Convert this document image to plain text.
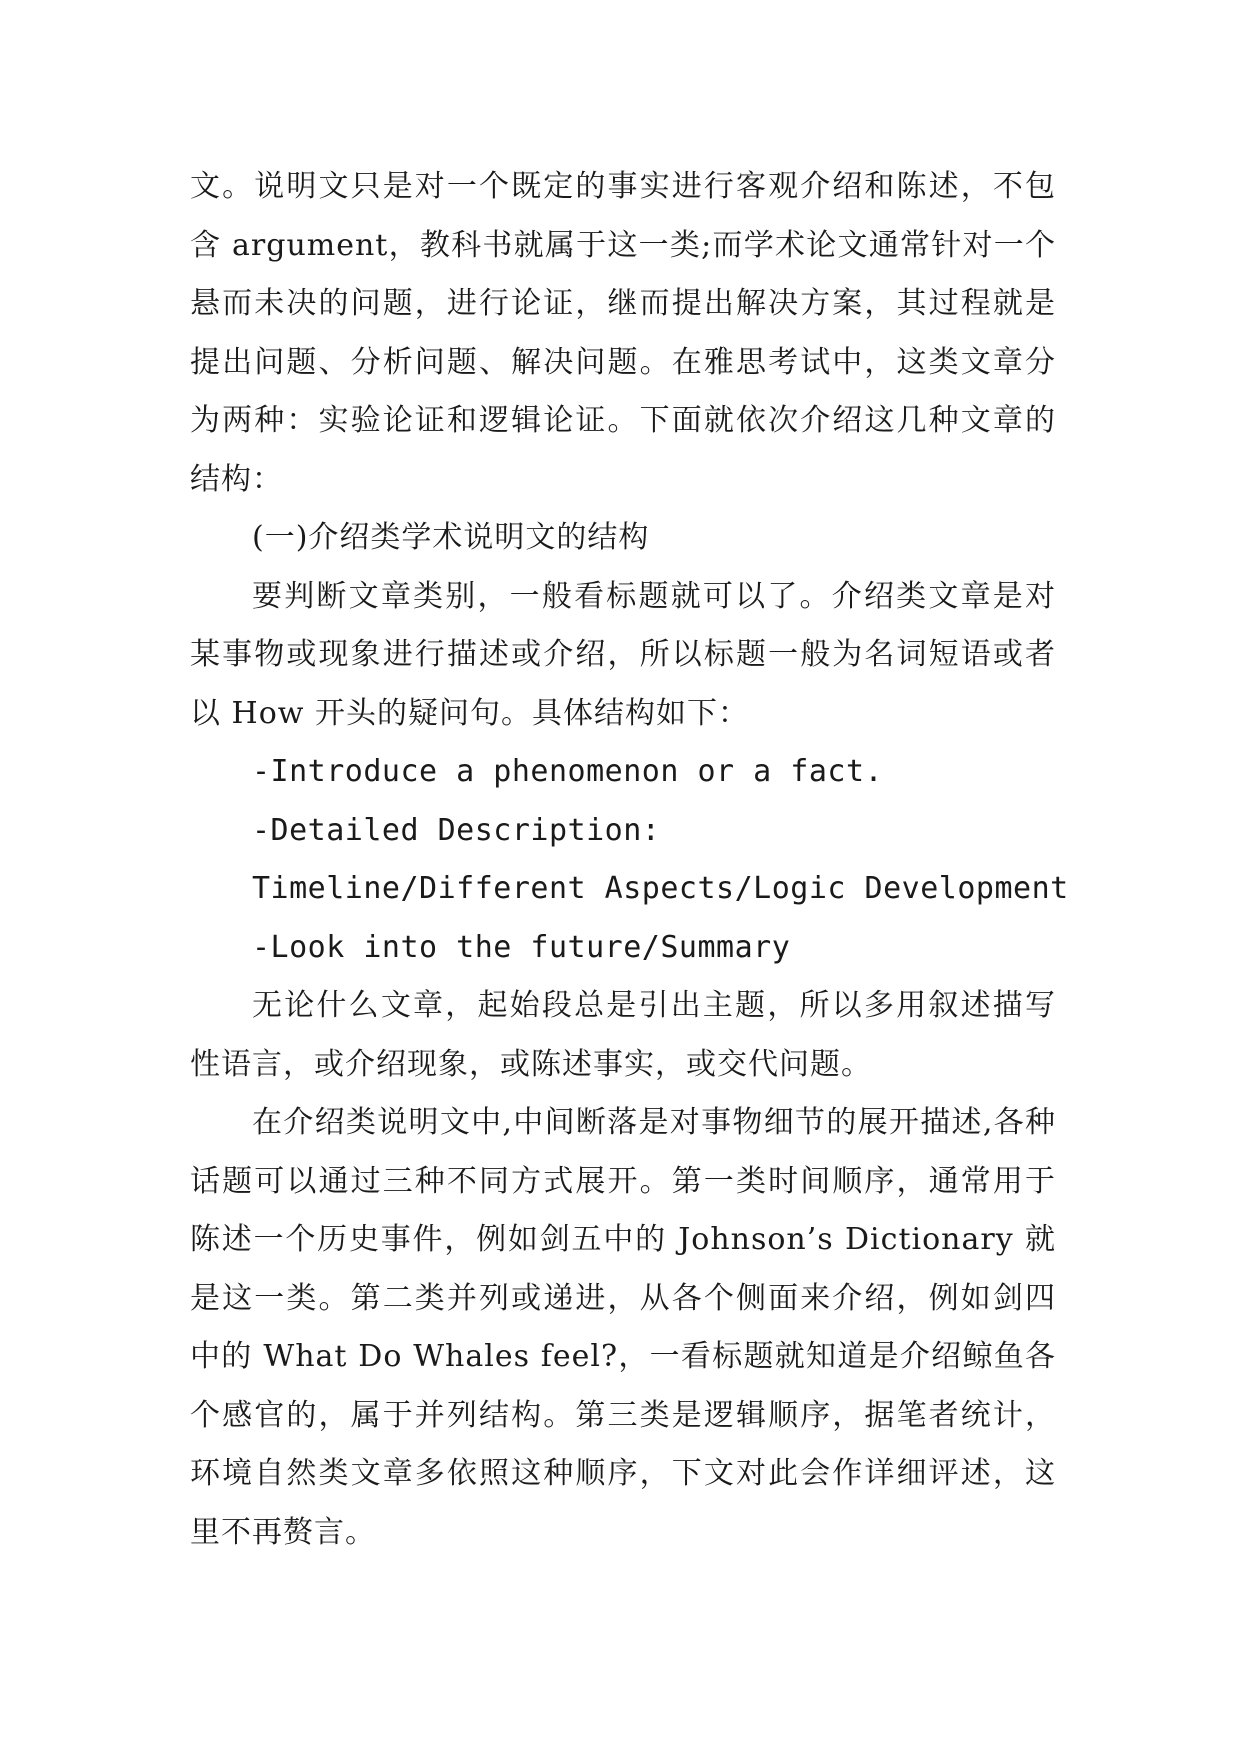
文。说明文只是对一个既定的事实进行客观介绍和陈述，不包含 argument，教科书就属于这一类;而学术论文通常针对一个悬而未决的问题，进行论证，继而提出解决方案，其过程就是提出问题、分析问题、解决问题。在雅思考试中，这类文章分为两种：实验论证和逻辑论证。下面就依次介绍这几种文章的结构：

(一)介绍类学术说明文的结构

要判断文章类别，一般看标题就可以了。介绍类文章是对某事物或现象进行描述或介绍，所以标题一般为名词短语或者以 How 开头的疑问句。具体结构如下：

-Introduce a phenomenon or a fact.

-Detailed Description:

Timeline/Different Aspects/Logic Development

-Look into the future/Summary

无论什么文章，起始段总是引出主题，所以多用叙述描写性语言，或介绍现象，或陈述事实，或交代问题。

在介绍类说明文中,中间断落是对事物细节的展开描述,各种话题可以通过三种不同方式展开。第一类时间顺序，通常用于陈述一个历史事件，例如剑五中的 Johnson’s Dictionary 就是这一类。第二类并列或递进，从各个侧面来介绍，例如剑四中的 What Do Whales feel?，一看标题就知道是介绍鲸鱼各个感官的，属于并列结构。第三类是逻辑顺序，据笔者统计，环境自然类文章多依照这种顺序，下文对此会作详细评述，这里不再赘言。
